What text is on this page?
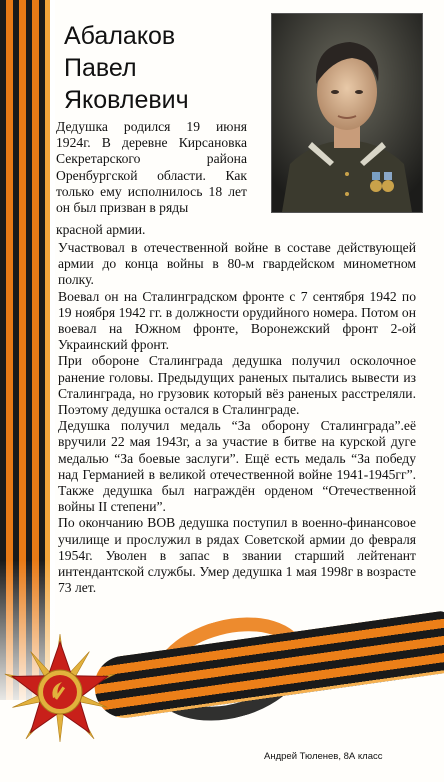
Абалаков
Павел
Яковлевич
Дедушка родился 19 июня 1924г. В деревне Кирсановка Секретарского района Оренбургской области. Как только ему исполнилось 18 лет он был призван в ряды
красной армии.

Участвовал в отечественной войне в составе действующей армии до конца войны в 80-м гвардейском минометном полку.

Воевал он на Сталинградском фронте с 7 сентября 1942 по 19 ноября 1942 гг. в должности орудийного номера. Потом он воевал на Южном фронте, Воронежский фронт 2-ой Украинский фронт.

При обороне Сталинграда дедушка получил осколочное ранение головы. Предыдущих раненых пытались вывести из Сталинграда, но грузовик который вёз раненых расстреляли. Поэтому дедушка остался в Сталинграде.

Дедушка получил медаль “За оборону Сталинграда”.её вручили 22 мая 1943г, а за участие в битве на курской дуге медалью “За боевые заслуги”. Ещё есть медаль “За победу над Германией в великой отечественной войне 1941-1945гг”. Также дедушка был награждён орденом “Отечественной войны II степени”.

По окончанию ВОВ дедушка поступил в военно-финансовое училище и прослужил в рядах Советской армии до февраля 1954г. Уволен в запас в звании старший лейтенант интендантской службы. Умер дедушка 1 мая 1998г в возрасте 73 лет.

Андрей Тюленев, 8А класс
